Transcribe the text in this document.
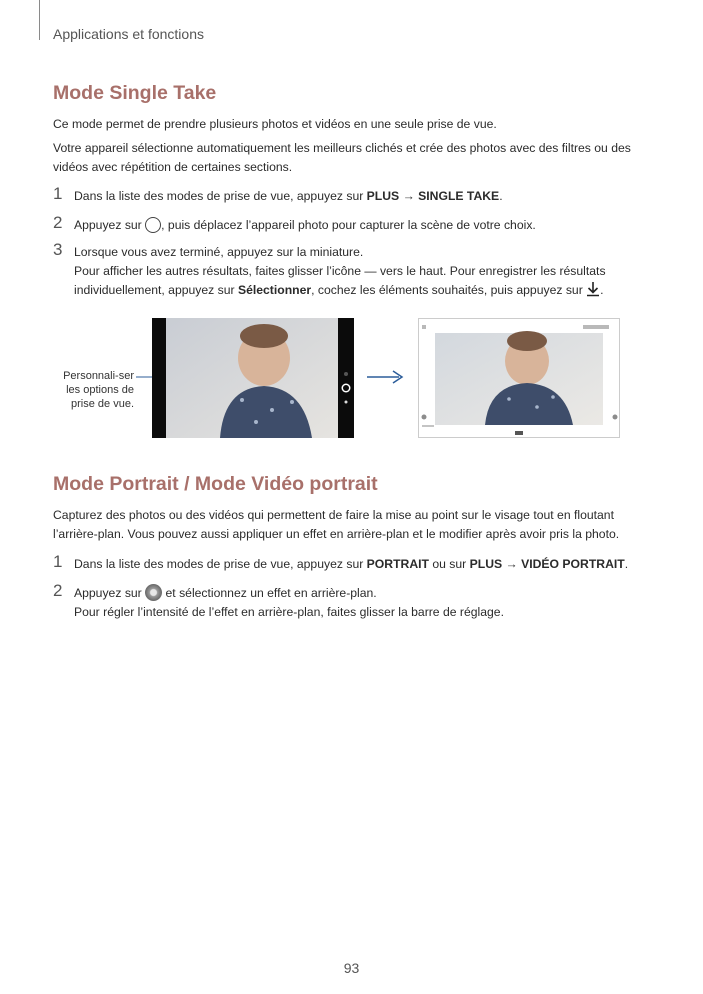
Applications et fonctions
Mode Single Take
Ce mode permet de prendre plusieurs photos et vidéos en une seule prise de vue.
Votre appareil sélectionne automatiquement les meilleurs clichés et crée des photos avec des filtres ou des vidéos avec répétition de certaines sections.
1 Dans la liste des modes de prise de vue, appuyez sur PLUS → SINGLE TAKE.
2 Appuyez sur , puis déplacez l’appareil photo pour capturer la scène de votre choix.
3 Lorsque vous avez terminé, appuyez sur la miniature.
Pour afficher les autres résultats, faites glisser l’icône — vers le haut. Pour enregistrer les résultats individuellement, appuyez sur Sélectionner, cochez les éléments souhaités, puis appuyez sur .
Personnali-ser les options de prise de vue.
Mode Portrait / Mode Vidéo portrait
Capturez des photos ou des vidéos qui permettent de faire la mise au point sur le visage tout en floutant l’arrière-plan. Vous pouvez aussi appliquer un effet en arrière-plan et le modifier après avoir pris la photo.
1 Dans la liste des modes de prise de vue, appuyez sur PORTRAIT ou sur PLUS → VIDÉO PORTRAIT.
2 Appuyez sur  et sélectionnez un effet en arrière-plan.
Pour régler l’intensité de l’effet en arrière-plan, faites glisser la barre de réglage.
93
